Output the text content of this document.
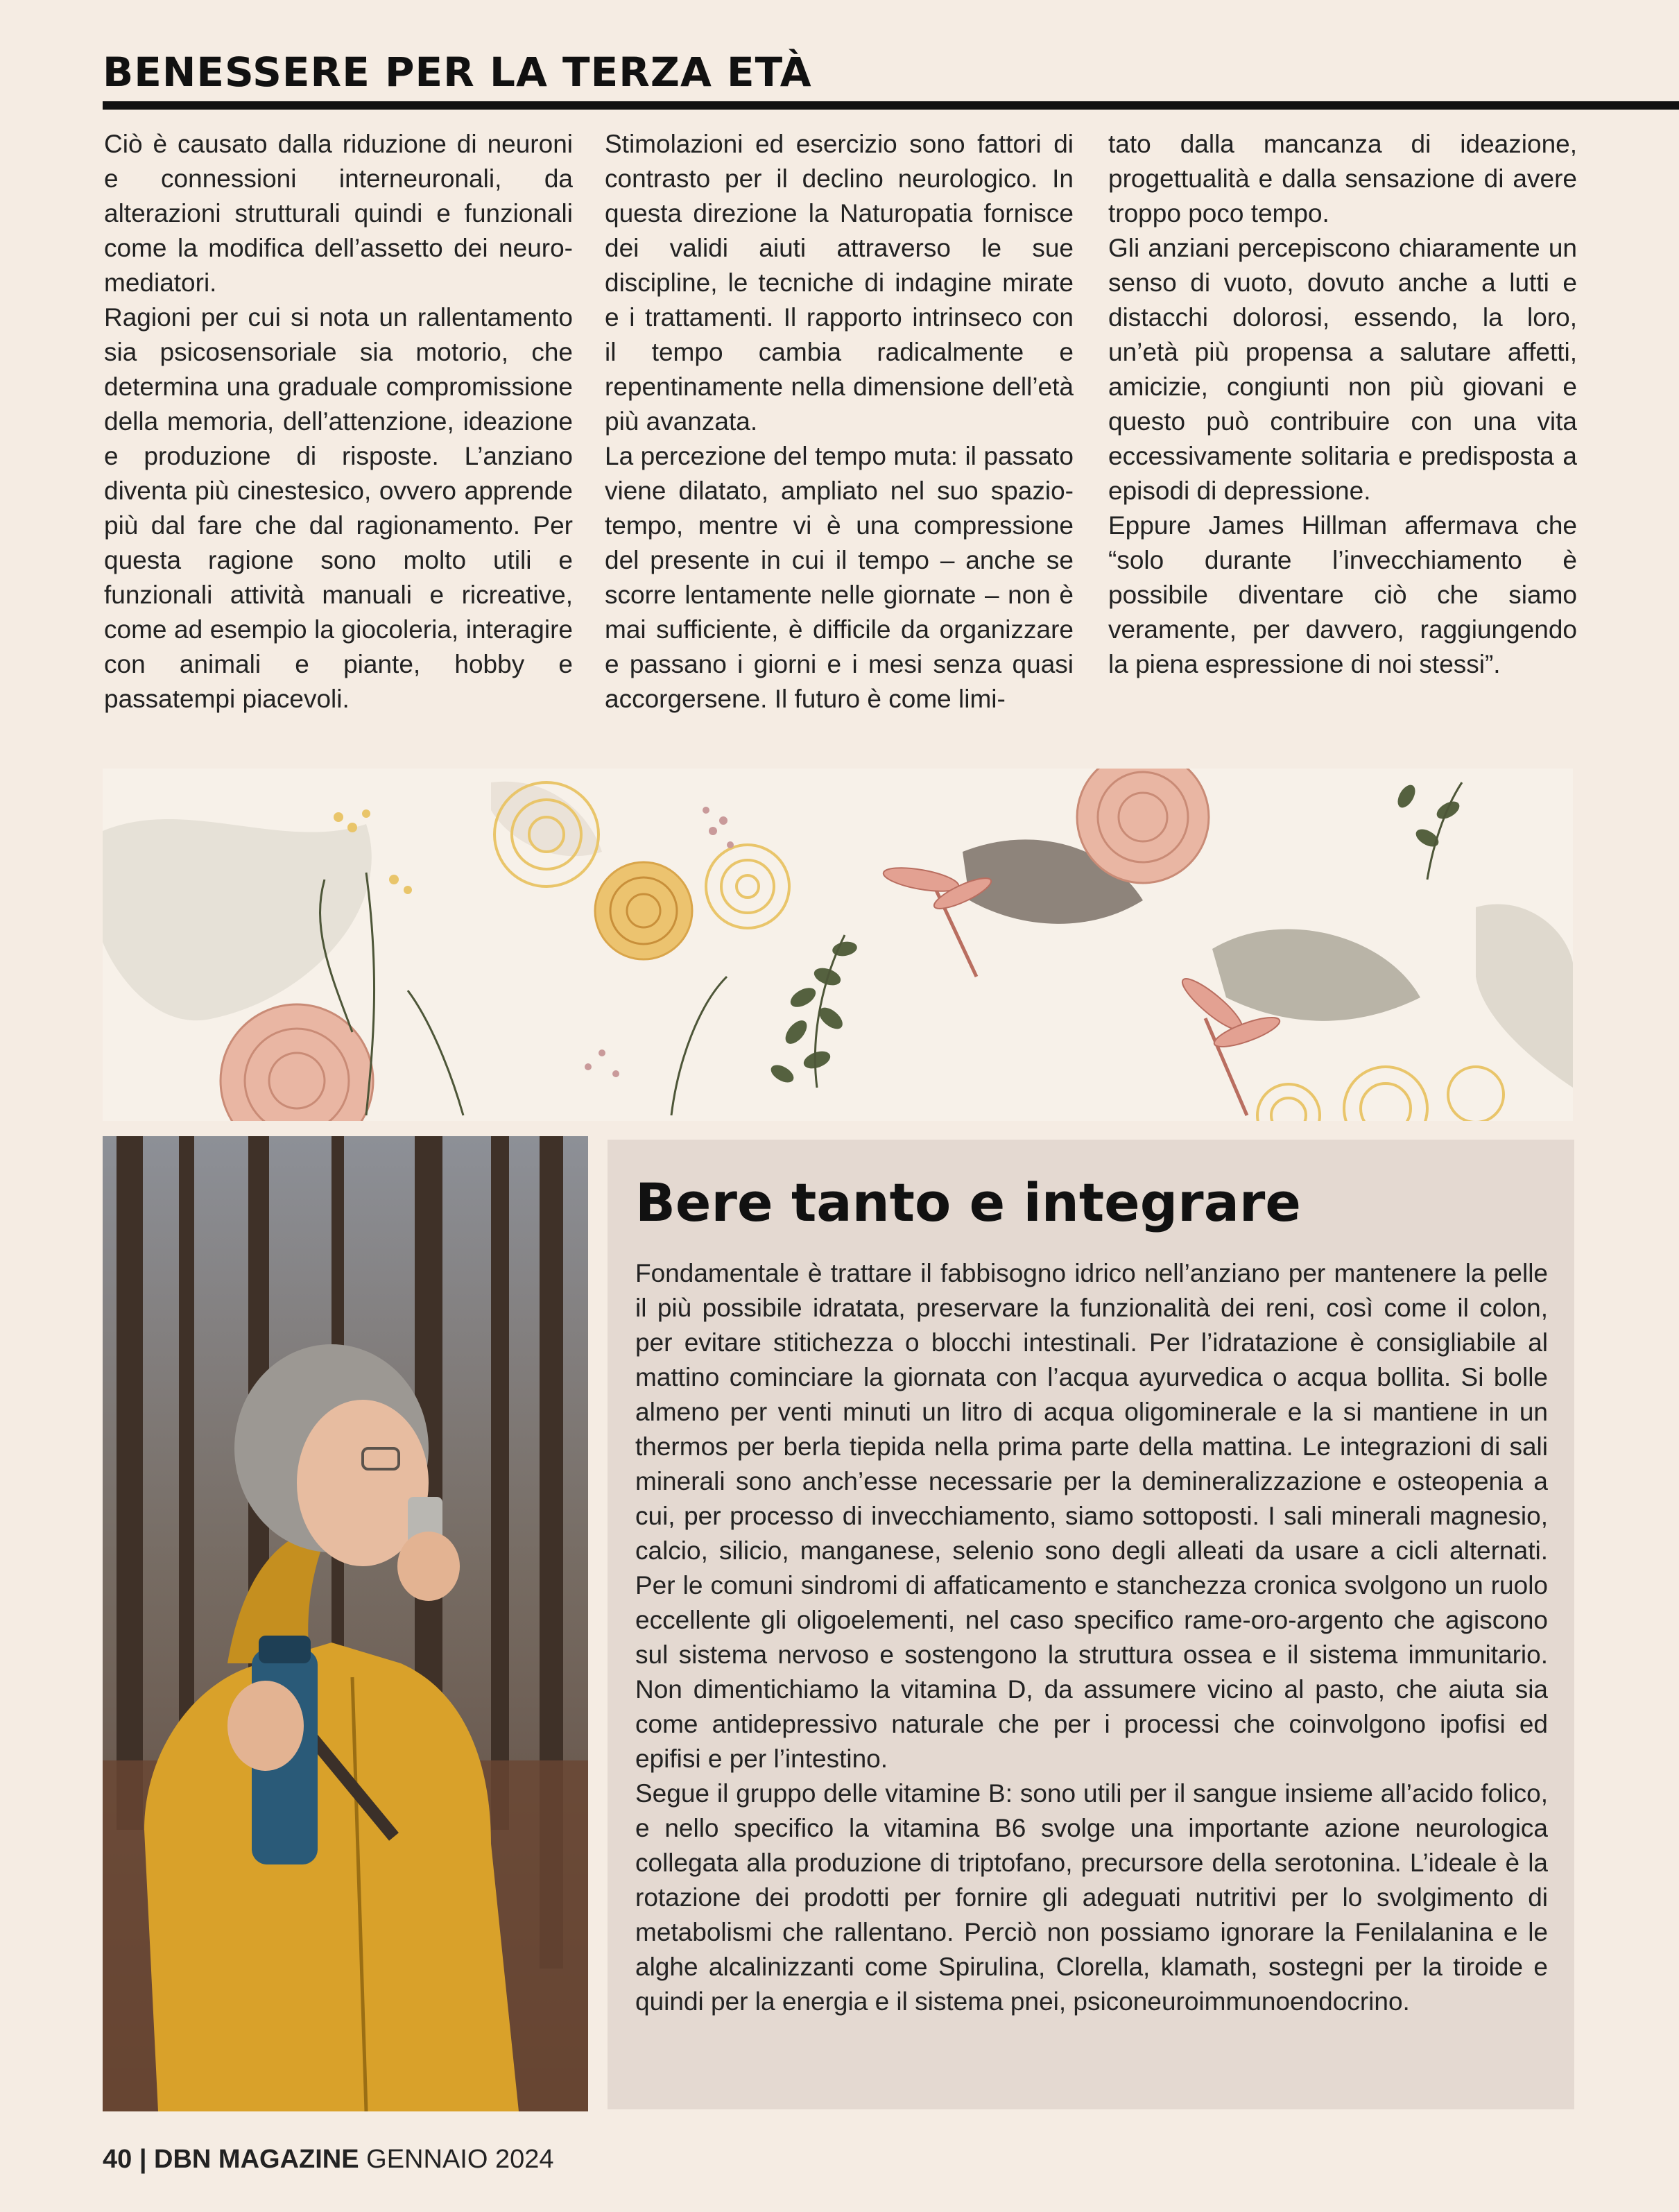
BENESSERE PER LA TERZA ETÀ

Ciò è causato dalla riduzione di neuroni e connessioni interneuronali, da alterazioni strutturali quindi e funzionali come la modifica dell’assetto dei neuro-mediatori.

Ragioni per cui si nota un rallentamento sia psicosensoriale sia motorio, che determina una graduale compromissione della memoria, dell’attenzione, ideazione e produzione di risposte. L’anziano diventa più cinestesico, ovvero apprende più dal fare che dal ragionamento. Per questa ragione sono molto utili e funzionali attività manuali e ricreative, come ad esempio la giocoleria, interagire con animali e piante, hobby e passatempi piacevoli.

Stimolazioni ed esercizio sono fattori di contrasto per il declino neurologico. In questa direzione la Naturopatia fornisce dei validi aiuti attraverso le sue discipline, le tecniche di indagine mirate e i trattamenti. Il rapporto intrinseco con il tempo cambia radicalmente e repentinamente nella dimensione dell’età più avanzata.

La percezione del tempo muta: il passato viene dilatato, ampliato nel suo spazio-tempo, mentre vi è una compressione del presente in cui il tempo – anche se scorre lentamente nelle giornate – non è mai sufficiente, è difficile da organizzare e passano i giorni e i mesi senza quasi accorgersene. Il futuro è come limi-

tato dalla mancanza di ideazione, progettualità e dalla sensazione di avere troppo poco tempo.

Gli anziani percepiscono chiaramente un senso di vuoto, dovuto anche a lutti e distacchi dolorosi, essendo, la loro, un’età più propensa a salutare affetti, amicizie, congiunti non più giovani e questo può contribuire con una vita eccessivamente solitaria e predisposta a episodi di depressione.

Eppure James Hillman affermava che “solo durante l’invecchiamento è possibile diventare ciò che siamo veramente, per davvero, raggiungendo la piena espressione di noi stessi”.

Bere tanto e integrare

Fondamentale è trattare il fabbisogno idrico nell’anziano per mantenere la pelle il più possibile idratata, preservare la funzionalità dei reni, così come il colon, per evitare stitichezza o blocchi intestinali. Per l’idratazione è consigliabile al mattino cominciare la giornata con l’acqua ayurvedica o acqua bollita. Si bolle almeno per venti minuti un litro di acqua oligominerale e la si mantiene in un thermos per berla tiepida nella prima parte della mattina. Le integrazioni di sali minerali sono anch’esse necessarie per la demineralizzazione e osteopenia a cui, per processo di invecchiamento, siamo sottoposti. I sali minerali magnesio, calcio, silicio, manganese, selenio sono degli alleati da usare a cicli alternati. Per le comuni sindromi di affaticamento e stanchezza cronica svolgono un ruolo eccellente gli oligoelementi, nel caso specifico rame-oro-argento che agiscono sul sistema nervoso e sostengono la struttura ossea e il sistema immunitario. Non dimentichiamo la vitamina D, da assumere vicino al pasto, che aiuta sia come antidepressivo naturale che per i processi che coinvolgono ipofisi ed epifisi e per l’intestino.

Segue il gruppo delle vitamine B: sono utili per il sangue insieme all’acido folico, e nello specifico la vitamina B6 svolge una importante azione neurologica collegata alla produzione di triptofano, precursore della serotonina. L’ideale è la rotazione dei prodotti per fornire gli adeguati nutritivi per lo svolgimento di metabolismi che rallentano. Perciò non possiamo ignorare la Fenilalanina e le alghe alcalinizzanti come Spirulina, Clorella, klamath, sostegni per la tiroide e quindi per la energia e il sistema pnei, psiconeuroimmunoendocrino.

40 | DBN MAGAZINE GENNAIO 2024
